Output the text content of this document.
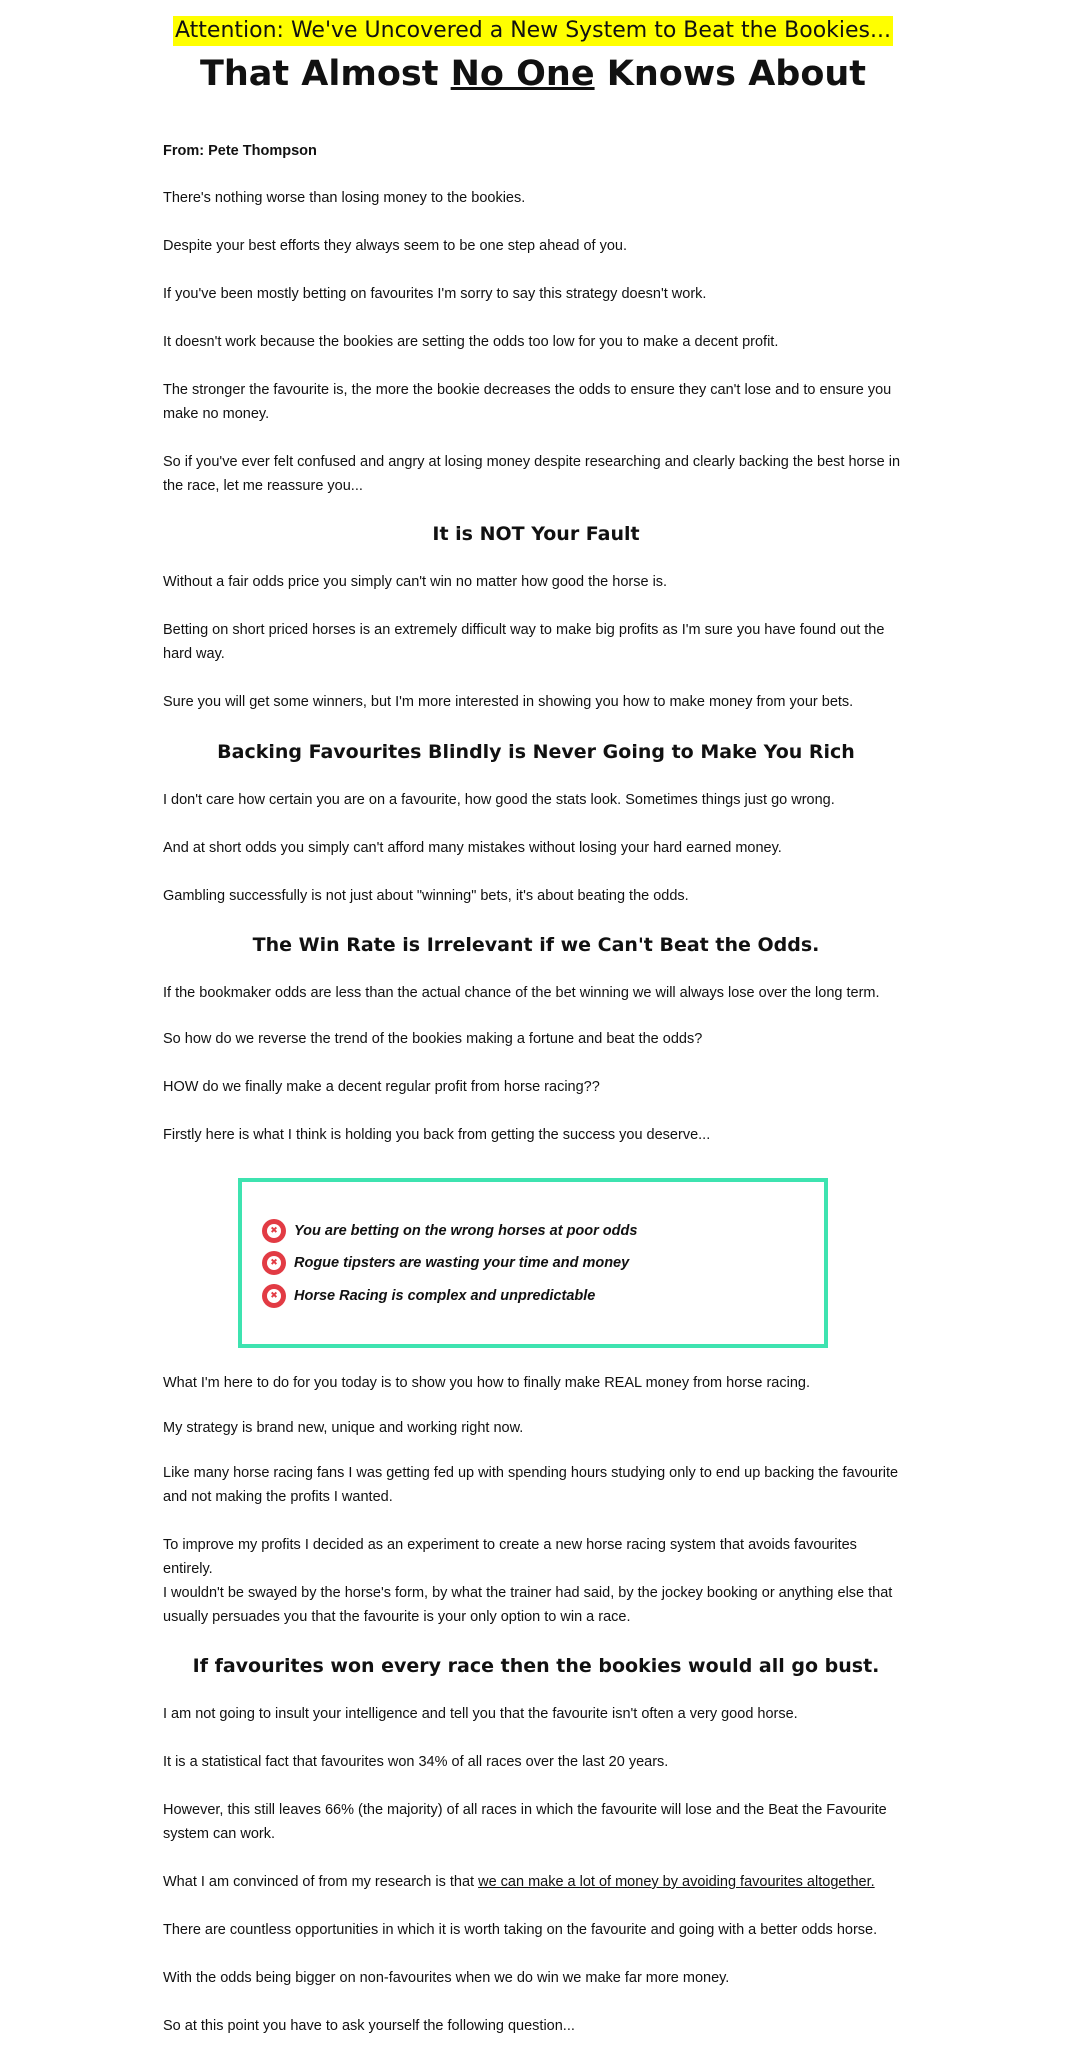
Attention: We've Uncovered a New System to Beat the Bookies...
That Almost No One Knows About

From: Pete Thompson

There's nothing worse than losing money to the bookies.

Despite your best efforts they always seem to be one step ahead of you.

If you've been mostly betting on favourites I'm sorry to say this strategy doesn't work.

It doesn't work because the bookies are setting the odds too low for you to make a decent profit.

The stronger the favourite is, the more the bookie decreases the odds to ensure they can't lose and to ensure you make no money.

So if you've ever felt confused and angry at losing money despite researching and clearly backing the best horse in the race, let me reassure you...

It is NOT Your Fault

Without a fair odds price you simply can't win no matter how good the horse is.

Betting on short priced horses is an extremely difficult way to make big profits as I'm sure you have found out the hard way.

Sure you will get some winners, but I'm more interested in showing you how to make money from your bets.

Backing Favourites Blindly is Never Going to Make You Rich

I don't care how certain you are on a favourite, how good the stats look. Sometimes things just go wrong.

And at short odds you simply can't afford many mistakes without losing your hard earned money.

Gambling successfully is not just about "winning" bets, it's about beating the odds.

The Win Rate is Irrelevant if we Can't Beat the Odds.

If the bookmaker odds are less than the actual chance of the bet winning we will always lose over the long term.

So how do we reverse the trend of the bookies making a fortune and beat the odds?

HOW do we finally make a decent regular profit from horse racing??

Firstly here is what I think is holding you back from getting the success you deserve...

What I'm here to do for you today is to show you how to finally make REAL money from horse racing.

My strategy is brand new, unique and working right now.

Like many horse racing fans I was getting fed up with spending hours studying only to end up backing the favourite and not making the profits I wanted.

To improve my profits I decided as an experiment to create a new horse racing system that avoids favourites entirely.

I wouldn't be swayed by the horse's form, by what the trainer had said, by the jockey booking or anything else that usually persuades you that the favourite is your only option to win a race.

If favourites won every race then the bookies would all go bust.

I am not going to insult your intelligence and tell you that the favourite isn't often a very good horse.

It is a statistical fact that favourites won 34% of all races over the last 20 years.

However, this still leaves 66% (the majority) of all races in which the favourite will lose and the Beat the Favourite system can work.

What I am convinced of from my research is that we can make a lot of money by avoiding favourites altogether.

There are countless opportunities in which it is worth taking on the favourite and going with a better odds horse.

With the odds being bigger on non-favourites when we do win we make far more money.

So at this point you have to ask yourself the following question...

✖
You are betting on the wrong horses at poor odds
✖
Rogue tipsters are wasting your time and money
✖
Horse Racing is complex and unpredictable
